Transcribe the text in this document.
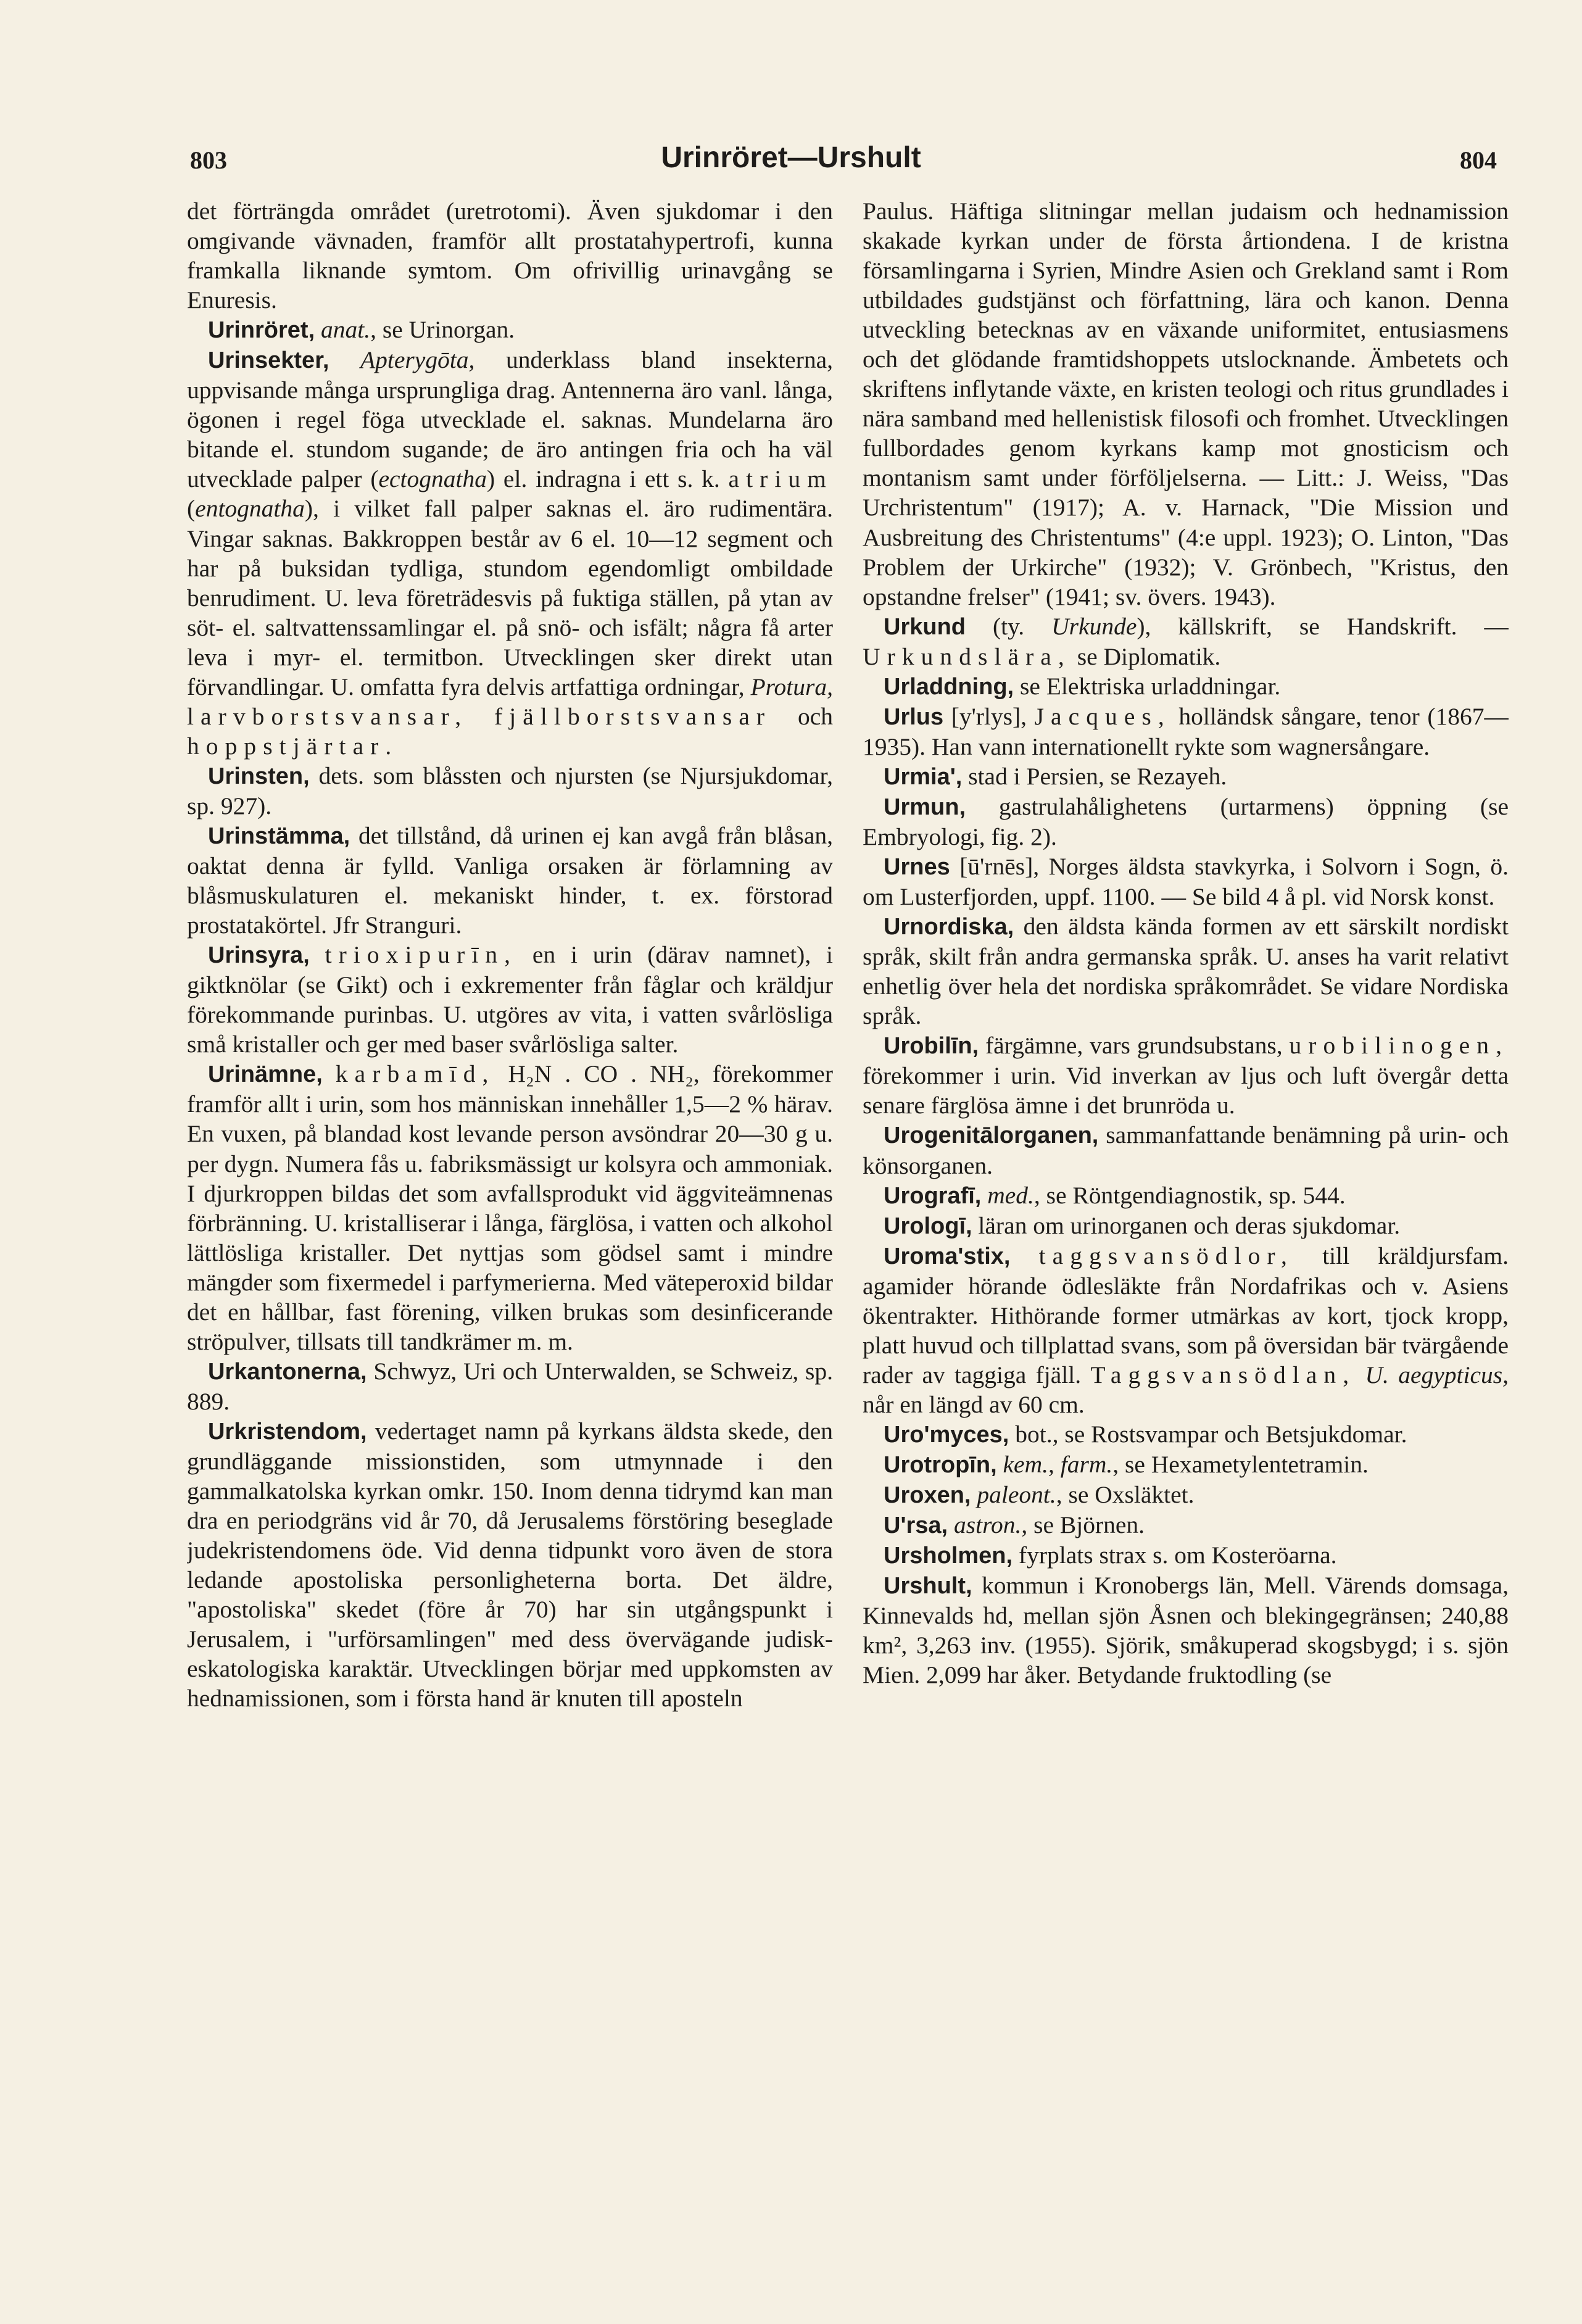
803	Urinröret—Urshult	804

det förträngda området (uretrotomi). Även sjukdomar i den omgivande vävnaden, framför allt prostatahypertrofi, kunna framkalla liknande symtom. Om ofrivillig urinavgång se Enuresis.

Urinröret, anat., se Urinorgan.

Urinsekter, Apterygōta, underklass bland insekterna, uppvisande många ursprungliga drag. Antennerna äro vanl. långa, ögonen i regel föga utvecklade el. saknas. Mundelarna äro bitande el. stundom sugande; de äro antingen fria och ha väl utvecklade palper (ectognatha) el. indragna i ett s. k. atrium (entognatha), i vilket fall palper saknas el. äro rudimentära. Vingar saknas. Bakkroppen består av 6 el. 10—12 segment och har på buksidan tydliga, stundom egendomligt ombildade benrudiment. U. leva företrädesvis på fuktiga ställen, på ytan av söt- el. saltvattenssamlingar el. på snö- och isfält; några få arter leva i myr- el. termitbon. Utvecklingen sker direkt utan förvandlingar. U. omfatta fyra delvis artfattiga ordningar, Protura, larvborstsvansar, fjällborstsvansar och hoppstjärtar.

Urinsten, dets. som blåssten och njursten (se Njursjukdomar, sp. 927).

Urinstämma, det tillstånd, då urinen ej kan avgå från blåsan, oaktat denna är fylld. Vanliga orsaken är förlamning av blåsmuskulaturen el. mekaniskt hinder, t. ex. förstorad prostatakörtel. Jfr Stranguri.

Urinsyra, trioxipurīn, en i urin (därav namnet), i giktknölar (se Gikt) och i exkrementer från fåglar och kräldjur förekommande purinbas. U. utgöres av vita, i vatten svårlösliga små kristaller och ger med baser svårlösliga salter.

Urinämne, karbamīd, H₂N . CO . NH₂, förekommer framför allt i urin, som hos människan innehåller 1,5—2 % härav. En vuxen, på blandad kost levande person avsöndrar 20—30 g u. per dygn. Numera fås u. fabriksmässigt ur kolsyra och ammoniak. I djurkroppen bildas det som avfallsprodukt vid äggviteämnenas förbränning. U. kristalliserar i långa, färglösa, i vatten och alkohol lättlösliga kristaller. Det nyttjas som gödsel samt i mindre mängder som fixermedel i parfymerierna. Med väteperoxid bildar det en hållbar, fast förening, vilken brukas som desinficerande ströpulver, tillsats till tandkrämer m. m.

Urkantonerna, Schwyz, Uri och Unterwalden, se Schweiz, sp. 889.

Urkristendom, vedertaget namn på kyrkans äldsta skede, den grundläggande missionstiden, som utmynnade i den gammalkatolska kyrkan omkr. 150. Inom denna tidrymd kan man dra en periodgräns vid år 70, då Jerusalems förstöring beseglade judekristendomens öde. Vid denna tidpunkt voro även de stora ledande apostoliska personligheterna borta. Det äldre, "apostoliska" skedet (före år 70) har sin utgångspunkt i Jerusalem, i "urförsamlingen" med dess övervägande judisk-eskatologiska karaktär. Utvecklingen börjar med uppkomsten av hednamissionen, som i första hand är knuten till aposteln

Paulus. Häftiga slitningar mellan judaism och hednamission skakade kyrkan under de första årtiondena. I de kristna församlingarna i Syrien, Mindre Asien och Grekland samt i Rom utbildades gudstjänst och författning, lära och kanon. Denna utveckling betecknas av en växande uniformitet, entusiasmens och det glödande framtidshoppets utslocknande. Ämbetets och skriftens inflytande växte, en kristen teologi och ritus grundlades i nära samband med hellenistisk filosofi och fromhet. Utvecklingen fullbordades genom kyrkans kamp mot gnosticism och montanism samt under förföljelserna. — Litt.: J. Weiss, "Das Urchristentum" (1917); A. v. Harnack, "Die Mission und Ausbreitung des Christentums" (4:e uppl. 1923); O. Linton, "Das Problem der Urkirche" (1932); V. Grönbech, "Kristus, den opstandne frelser" (1941; sv. övers. 1943).

Urkund (ty. Urkunde), källskrift, se Handskrift. — Urkundslära, se Diplomatik.

Urladdning, se Elektriska urladdningar.

Urlus [y'rlys], Jacques, holländsk sångare, tenor (1867—1935). Han vann internationellt rykte som wagnersångare.

Urmia', stad i Persien, se Rezayeh.

Urmun, gastrulahålighetens (urtarmens) öppning (se Embryologi, fig. 2).

Urnes [ū'rnēs], Norges äldsta stavkyrka, i Solvorn i Sogn, ö. om Lusterfjorden, uppf. 1100. — Se bild 4 å pl. vid Norsk konst.

Urnordiska, den äldsta kända formen av ett särskilt nordiskt språk, skilt från andra germanska språk. U. anses ha varit relativt enhetlig över hela det nordiska språkområdet. Se vidare Nordiska språk.

Urobilīn, färgämne, vars grundsubstans, urobilinogen, förekommer i urin. Vid inverkan av ljus och luft övergår detta senare färglösa ämne i det brunröda u.

Urogenitālorganen, sammanfattande benämning på urin- och könsorganen.

Urografī, med., se Röntgendiagnostik, sp. 544.

Urologī, läran om urinorganen och deras sjukdomar.

Uroma'stix, taggsvansödlor, till kräldjursfam. agamider hörande ödlesläkte från Nordafrikas och v. Asiens ökentrakter. Hithörande former utmärkas av kort, tjock kropp, platt huvud och tillplattad svans, som på översidan bär tvärgående rader av taggiga fjäll. Taggsvansödlan, U. aegypticus, når en längd av 60 cm.

Uro'myces, bot., se Rostsvampar och Betsjukdomar.

Urotropīn, kem., farm., se Hexametylentetramin.

Uroxen, paleont., se Oxsläktet.

U'rsa, astron., se Björnen.

Ursholmen, fyrplats strax s. om Kosteröarna.

Urshult, kommun i Kronobergs län, Mell. Värends domsaga, Kinnevalds hd, mellan sjön Åsnen och blekingegränsen; 240,88 km², 3,263 inv. (1955). Sjörik, småkuperad skogsbygd; i s. sjön Mien. 2,099 har åker. Betydande fruktodling (se
